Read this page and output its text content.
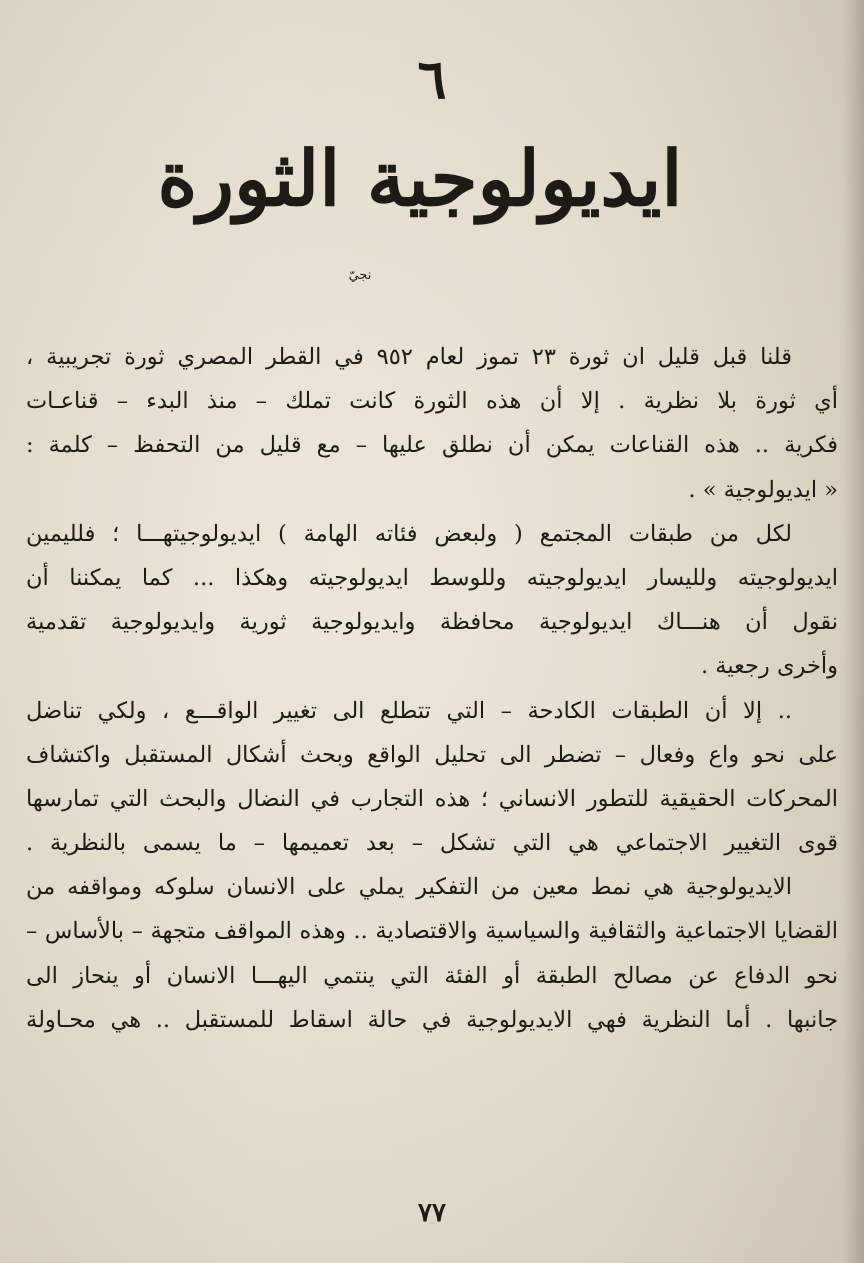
٦
ايديولوجية الثورة
نجيّ
قلنا قبل قليل ان ثورة ٢٣ تموز لعام ٩٥٢ في القطر المصري ثورة تجريبية ،
أي ثورة بلا نظرية . إلا أن هذه الثورة كانت تملك – منذ البدء – قناعـات
فكرية .. هذه القناعات يمكن أن نطلق عليها – مع قليل من التحفظ – كلمة :
« ايديولوجية » .
لكل من طبقات المجتمع ( ولبعض فئاته الهامة ) ايديولوجيتهـــا ؛ فلليمين
ايديولوجيته ولليسار ايديولوجيته وللوسط ايديولوجيته وهكذا ... كما يمكننا أن
نقول أن هنـــاك ايديولوجية محافظة وايديولوجية ثورية وايديولوجية تقدمية
وأخرى رجعية .
.. إلا أن الطبقات الكادحة – التي تتطلع الى تغيير الواقـــع ، ولكي تناضل
على نحو واع وفعال – تضطر الى تحليل الواقع وبحث أشكال المستقبل واكتشاف
المحركات الحقيقية للتطور الانساني ؛ هذه التجارب في النضال والبحث التي تمارسها
قوى التغيير الاجتماعي هي التي تشكل – بعد تعميمها – ما يسمى بالنظرية .
الايديولوجية هي نمط معين من التفكير يملي على الانسان سلوكه ومواقفه من
القضايا الاجتماعية والثقافية والسياسية والاقتصادية .. وهذه المواقف متجهة – بالأساس –
نحو الدفاع عن مصالح الطبقة أو الفئة التي ينتمي اليهـــا الانسان أو ينحاز الى
جانبها . أما النظرية فهي الايديولوجية في حالة اسقاط للمستقبل .. هي محـاولة
٧٧
